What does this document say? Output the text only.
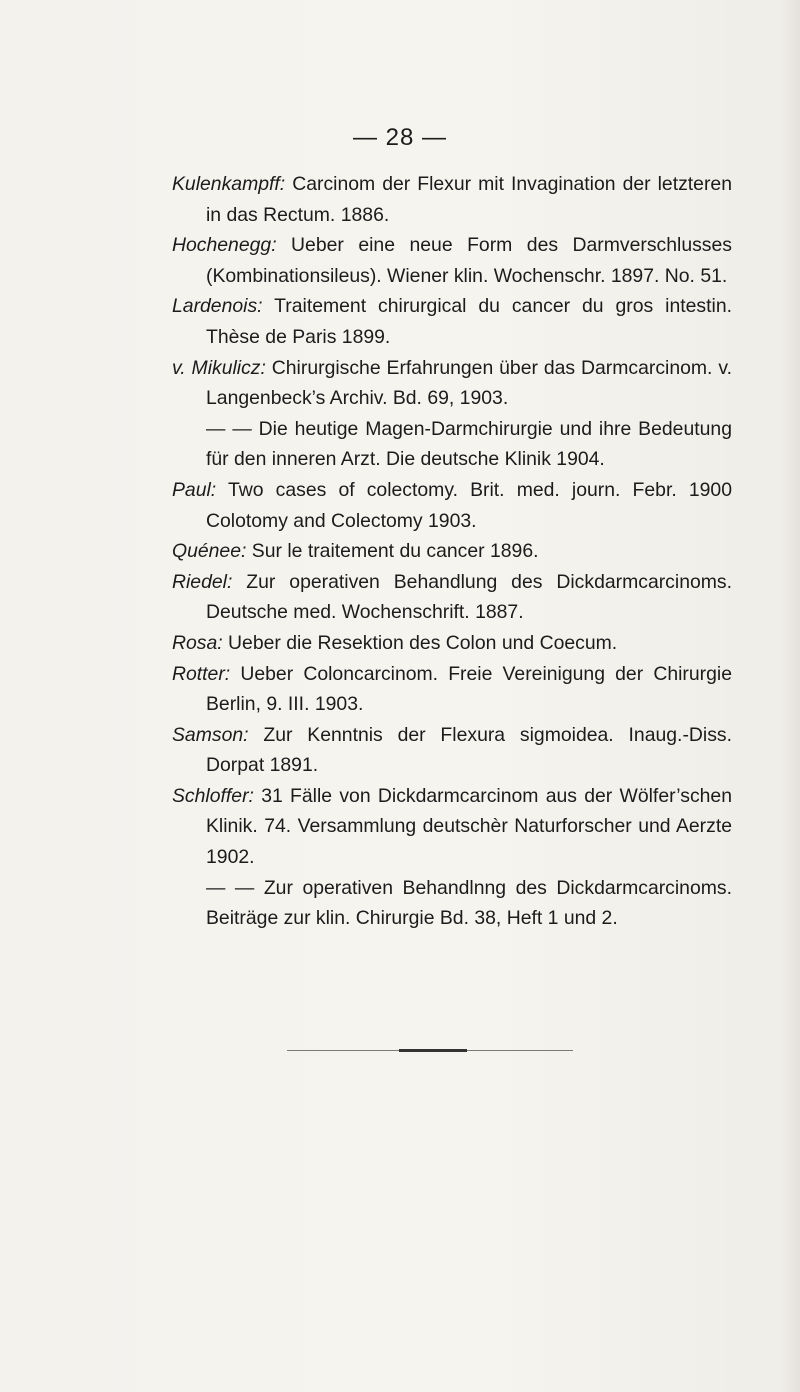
— 28 —

Kulenkampff: Carcinom der Flexur mit Invagination der letzteren in das Rectum. 1886.

Hochenegg: Ueber eine neue Form des Darmverschlusses (Kombinationsileus). Wiener klin. Wochenschr. 1897. No. 51.

Lardenois: Traitement chirurgical du cancer du gros intestin. Thèse de Paris 1899.

v. Mikulicz: Chirurgische Erfahrungen über das Darmcarcinom. v. Langenbeck’s Archiv. Bd. 69, 1903.

— — Die heutige Magen-Darmchirurgie und ihre Bedeutung für den inneren Arzt. Die deutsche Klinik 1904.

Paul: Two cases of colectomy. Brit. med. journ. Febr. 1900 Colotomy and Colectomy 1903.

Quénee: Sur le traitement du cancer 1896.

Riedel: Zur operativen Behandlung des Dickdarmcarcinoms. Deutsche med. Wochenschrift. 1887.

Rosa: Ueber die Resektion des Colon und Coecum.

Rotter: Ueber Coloncarcinom. Freie Vereinigung der Chirurgie Berlin, 9. III. 1903.

Samson: Zur Kenntnis der Flexura sigmoidea. Inaug.-Diss. Dorpat 1891.

Schloffer: 31 Fälle von Dickdarmcarcinom aus der Wölfer’schen Klinik. 74. Versammlung deutschèr Naturforscher und Aerzte 1902.

— — Zur operativen Behandlnng des Dickdarmcarcinoms. Beiträge zur klin. Chirurgie Bd. 38, Heft 1 und 2.
